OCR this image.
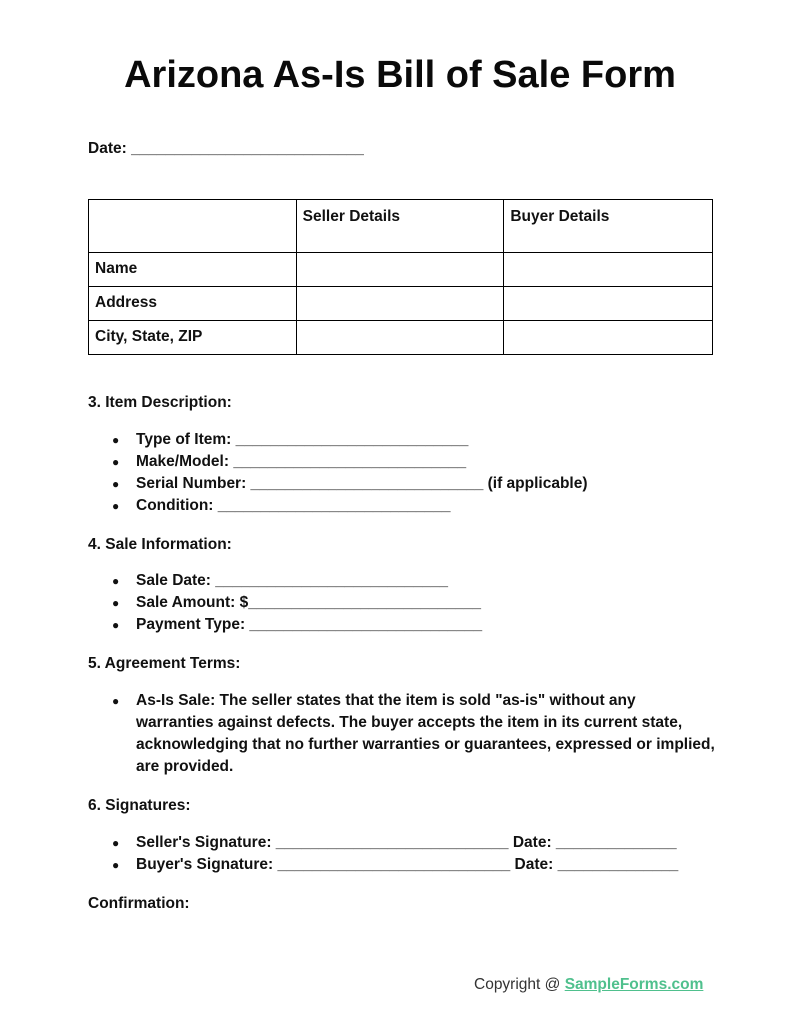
Arizona As-Is Bill of Sale Form
Date: ___________________________
	Seller Details	Buyer Details
Name		
Address		
City, State, ZIP		
3. Item Description:
● Type of Item: ___________________________
● Make/Model: ___________________________
● Serial Number: ___________________________ (if applicable)
● Condition: ___________________________
4. Sale Information:
● Sale Date: ___________________________
● Sale Amount: $___________________________
● Payment Type: ___________________________
5. Agreement Terms:
● As-Is Sale: The seller states that the item is sold "as-is" without any warranties against defects. The buyer accepts the item in its current state, acknowledging that no further warranties or guarantees, expressed or implied, are provided.
6. Signatures:
● Seller's Signature: ___________________________ Date: ______________
● Buyer's Signature: ___________________________ Date: ______________
Confirmation:
Copyright @ SampleForms.com
